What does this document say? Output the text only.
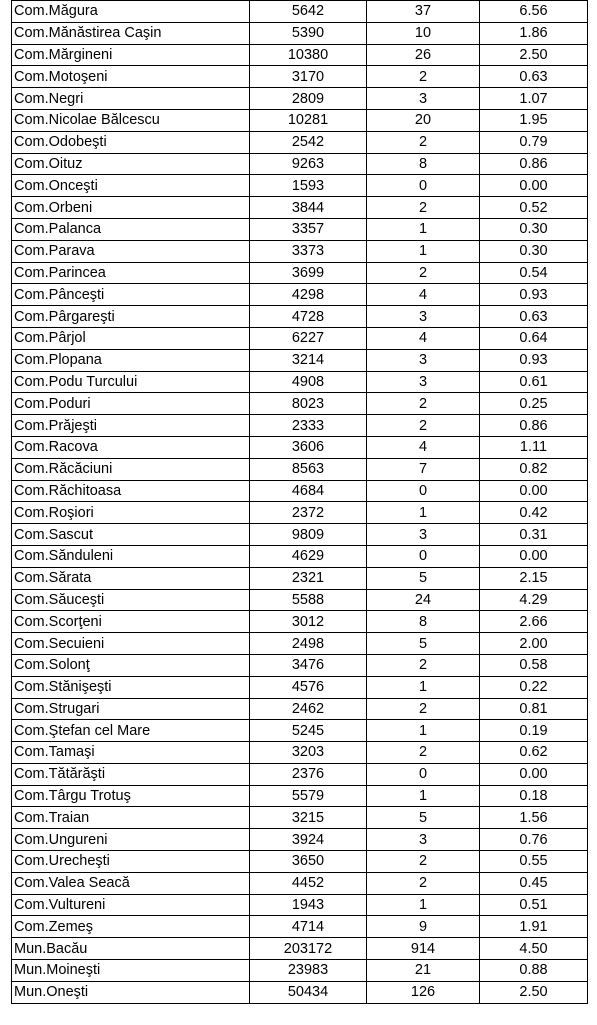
Com.Măgura	5642	37	6.56
Com.Mănăstirea Caşin	5390	10	1.86
Com.Mărgineni	10380	26	2.50
Com.Motoşeni	3170	2	0.63
Com.Negri	2809	3	1.07
Com.Nicolae Bălcescu	10281	20	1.95
Com.Odobeşti	2542	2	0.79
Com.Oituz	9263	8	0.86
Com.Onceşti	1593	0	0.00
Com.Orbeni	3844	2	0.52
Com.Palanca	3357	1	0.30
Com.Parava	3373	1	0.30
Com.Parincea	3699	2	0.54
Com.Pânceşti	4298	4	0.93
Com.Pârgareşti	4728	3	0.63
Com.Pârjol	6227	4	0.64
Com.Plopana	3214	3	0.93
Com.Podu Turcului	4908	3	0.61
Com.Poduri	8023	2	0.25
Com.Prăjeşti	2333	2	0.86
Com.Racova	3606	4	1.11
Com.Răcăciuni	8563	7	0.82
Com.Răchitoasa	4684	0	0.00
Com.Roşiori	2372	1	0.42
Com.Sascut	9809	3	0.31
Com.Sănduleni	4629	0	0.00
Com.Sărata	2321	5	2.15
Com.Săuceşti	5588	24	4.29
Com.Scorţeni	3012	8	2.66
Com.Secuieni	2498	5	2.00
Com.Solonţ	3476	2	0.58
Com.Stănişeşti	4576	1	0.22
Com.Strugari	2462	2	0.81
Com.Ştefan cel Mare	5245	1	0.19
Com.Tamaşi	3203	2	0.62
Com.Tătărăşti	2376	0	0.00
Com.Târgu Trotuş	5579	1	0.18
Com.Traian	3215	5	1.56
Com.Ungureni	3924	3	0.76
Com.Urecheşti	3650	2	0.55
Com.Valea Seacă	4452	2	0.45
Com.Vultureni	1943	1	0.51
Com.Zemeş	4714	9	1.91
Mun.Bacău	203172	914	4.50
Mun.Moineşti	23983	21	0.88
Mun.Oneşti	50434	126	2.50
